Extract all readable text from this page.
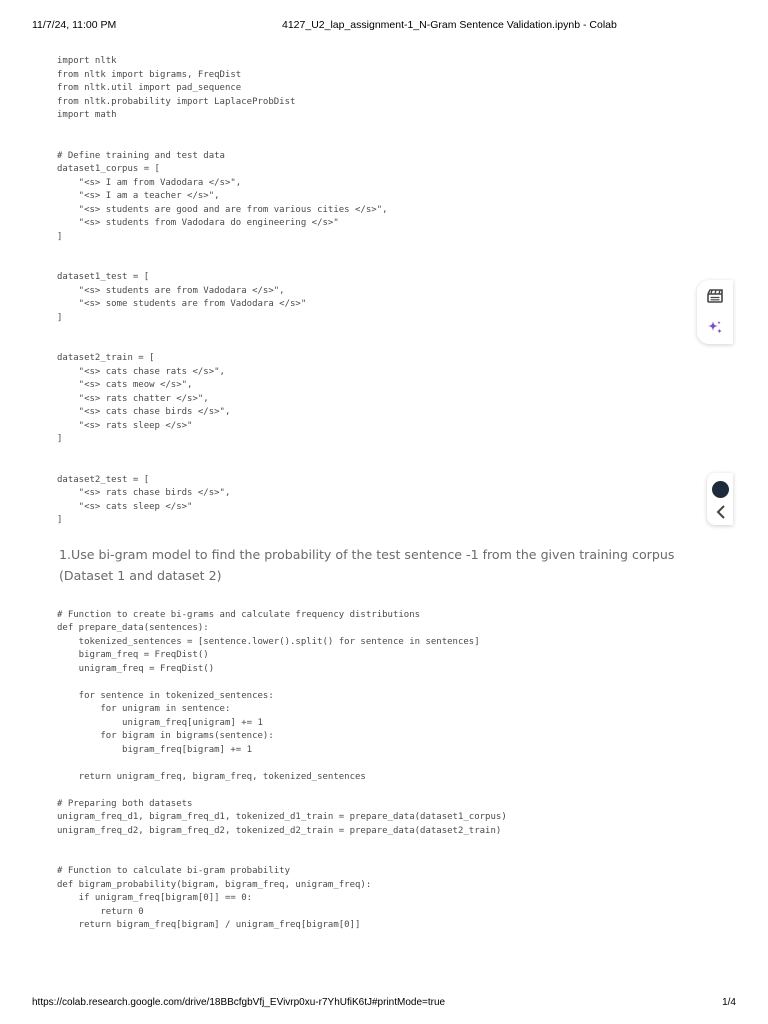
11/7/24, 11:00 PM	4127_U2_lap_assignment-1_N-Gram Sentence Validation.ipynb - Colab
import nltk
from nltk import bigrams, FreqDist
from nltk.util import pad_sequence
from nltk.probability import LaplaceProbDist
import math
# Define training and test data
dataset1_corpus = [
"<s> I am from Vadodara </s>",
"<s> I am a teacher </s>",
"<s> students are good and are from various cities </s>",
"<s> students from Vadodara do engineering </s>"
]
dataset1_test = [
"<s> students are from Vadodara </s>",
"<s> some students are from Vadodara </s>"
]
dataset2_train = [
"<s> cats chase rats </s>",
"<s> cats meow </s>",
"<s> rats chatter </s>",
"<s> cats chase birds </s>",
"<s> rats sleep </s>"
]
dataset2_test = [
"<s> rats chase birds </s>",
"<s> cats sleep </s>"
]
1.Use bi-gram model to find the probability of the test sentence -1 from the given training corpus (Dataset 1 and dataset 2)
# Function to create bi-grams and calculate frequency distributions
def prepare_data(sentences):
tokenized_sentences = [sentence.lower().split() for sentence in sentences]
bigram_freq = FreqDist()
unigram_freq = FreqDist()
for sentence in tokenized_sentences:
for unigram in sentence:
unigram_freq[unigram] += 1
for bigram in bigrams(sentence):
bigram_freq[bigram] += 1
return unigram_freq, bigram_freq, tokenized_sentences
# Preparing both datasets
unigram_freq_d1, bigram_freq_d1, tokenized_d1_train = prepare_data(dataset1_corpus)
unigram_freq_d2, bigram_freq_d2, tokenized_d2_train = prepare_data(dataset2_train)
# Function to calculate bi-gram probability
def bigram_probability(bigram, bigram_freq, unigram_freq):
if unigram_freq[bigram[0]] == 0:
return 0
return bigram_freq[bigram] / unigram_freq[bigram[0]]
https://colab.research.google.com/drive/18BBcfgbVfj_EVivrp0xu-r7YhUfiK6tJ#printMode=true	1/4
